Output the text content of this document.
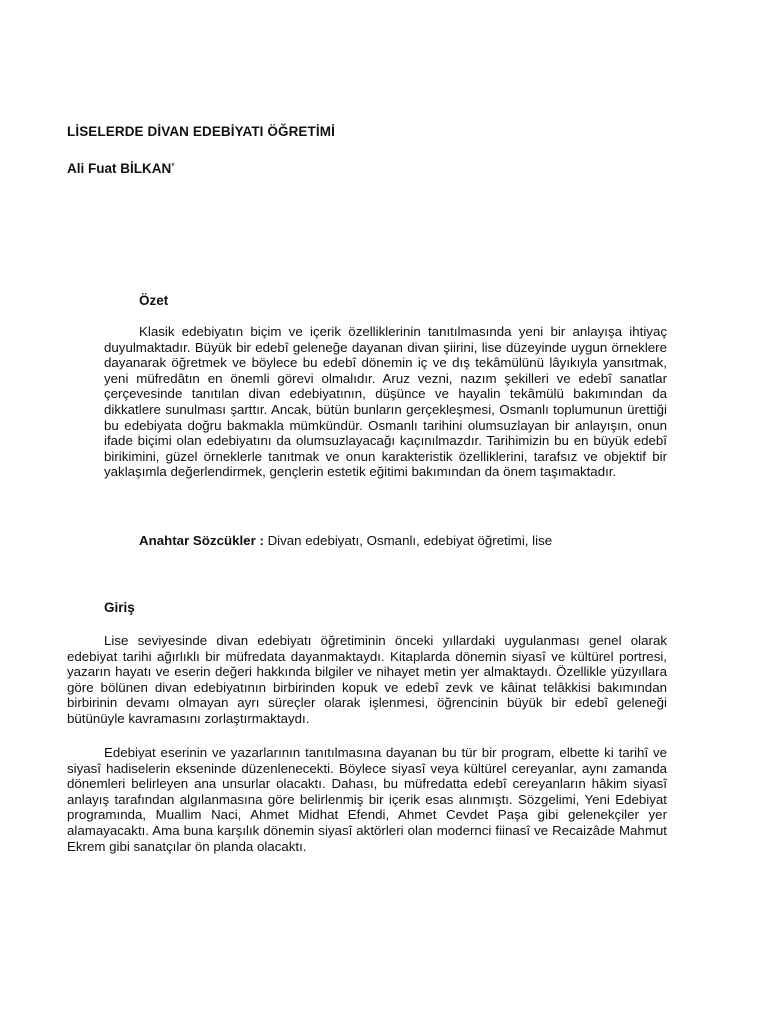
LİSELERDE DİVAN EDEBİYATI ÖĞRETİMİ
Ali Fuat BİLKAN*
Özet

Klasik edebiyatın biçim ve içerik özelliklerinin tanıtılmasında yeni bir anlayışa ihtiyaç duyulmaktadır. Büyük bir edebî geleneğe dayanan divan şiirini, lise düzeyinde uygun örneklere dayanarak öğretmek ve böylece bu edebî dönemin iç ve dış tekâmülünü lâyıkıyla yansıtmak, yeni müfredâtın en önemli görevi olmalıdır. Aruz vezni, nazım şekilleri ve edebî sanatlar çerçevesinde tanıtılan divan edebiyatının, düşünce ve hayalin tekâmülü bakımından da dikkatlere sunulması şarttır. Ancak, bütün bunların gerçekleşmesi, Osmanlı toplumunun ürettiği bu edebiyata doğru bakmakla mümkündür. Osmanlı tarihini olumsuzlayan bir anlayışın, onun ifade biçimi olan edebiyatını da olumsuzlayacağı kaçınılmazdır. Tarihimizin bu en büyük edebî birikimini, güzel örneklerle tanıtmak ve onun karakteristik özelliklerini, tarafsız ve objektif bir yaklaşımla değerlendirmek, gençlerin estetik eğitimi bakımından da önem taşımaktadır.

Anahtar Sözcükler : Divan edebiyatı, Osmanlı, edebiyat öğretimi, lise
Giriş

Lise seviyesinde divan edebiyatı öğretiminin önceki yıllardaki uygulanması genel olarak edebiyat tarihi ağırlıklı bir müfredata dayanmaktaydı. Kitaplarda dönemin siyasî ve kültürel portresi, yazarın hayatı ve eserin değeri hakkında bilgiler ve nihayet metin yer almaktaydı. Özellikle yüzyıllara göre bölünen divan edebiyatının birbirinden kopuk ve edebî zevk ve kâinat telâkkisi bakımından birbirinin devamı olmayan ayrı süreçler olarak işlenmesi, öğrencinin büyük bir edebî geleneği bütünüyle kavramasını zorlaştırmaktaydı.

Edebiyat eserinin ve yazarlarının tanıtılmasına dayanan bu tür bir program, elbette ki tarihî ve siyasî hadiselerin ekseninde düzenlenecekti. Böylece siyasî veya kültürel cereyanlar, aynı zamanda dönemleri belirleyen ana unsurlar olacaktı. Dahası, bu müfredatta edebî cereyanların hâkim siyasî anlayış tarafından algılanmasına göre belirlenmiş bir içerik esas alınmıştı. Sözgelimi, Yeni Edebiyat programında, Muallim Naci, Ahmet Midhat Efendi, Ahmet Cevdet Paşa gibi gelenekçiler yer alamayacaktı. Ama buna karşılık dönemin siyasî aktörleri olan modernci fiinasî ve Recaizâde Mahmut Ekrem gibi sanatçılar ön planda olacaktı.
